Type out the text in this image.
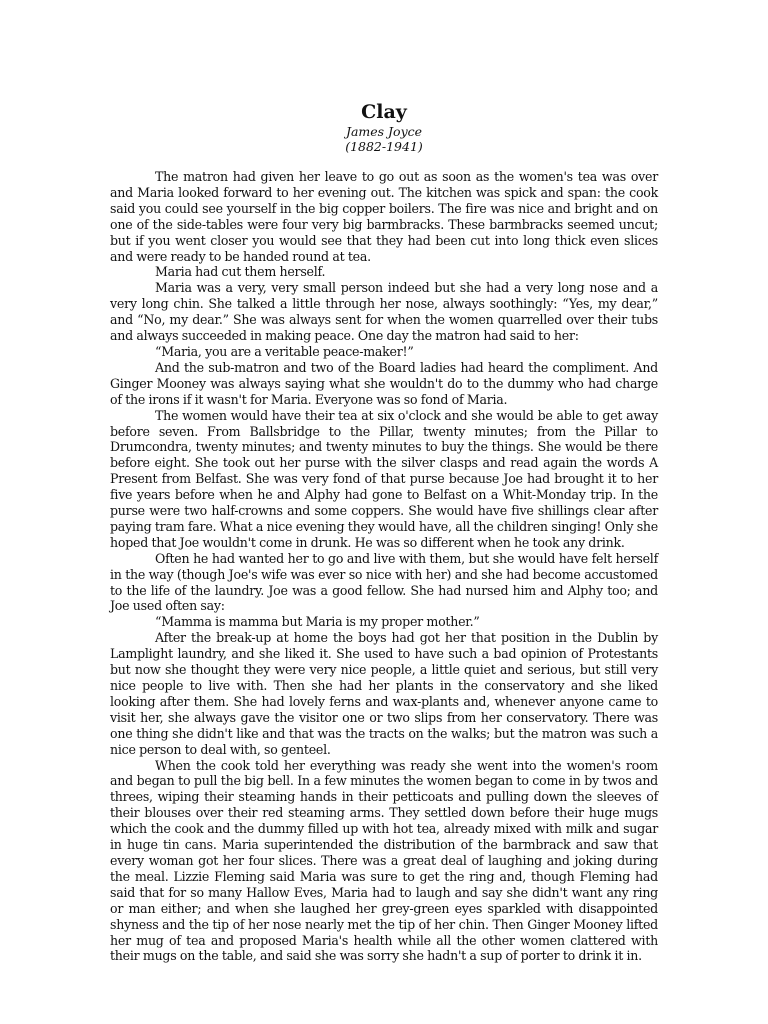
Clay
James Joyce
(1882-1941)

The matron had given her leave to go out as soon as the women's tea was over and Maria looked forward to her evening out. The kitchen was spick and span: the cook said you could see yourself in the big copper boilers. The fire was nice and bright and on one of the side-tables were four very big barmbracks. These barmbracks seemed uncut; but if you went closer you would see that they had been cut into long thick even slices and were ready to be handed round at tea.

Maria had cut them herself.

Maria was a very, very small person indeed but she had a very long nose and a very long chin. She talked a little through her nose, always soothingly: “Yes, my dear,” and “No, my dear.” She was always sent for when the women quarrelled over their tubs and always succeeded in making peace. One day the matron had said to her:

“Maria, you are a veritable peace-maker!”

And the sub-matron and two of the Board ladies had heard the compliment. And Ginger Mooney was always saying what she wouldn't do to the dummy who had charge of the irons if it wasn't for Maria. Everyone was so fond of Maria.

The women would have their tea at six o'clock and she would be able to get away before seven. From Ballsbridge to the Pillar, twenty minutes; from the Pillar to Drumcondra, twenty minutes; and twenty minutes to buy the things. She would be there before eight. She took out her purse with the silver clasps and read again the words A Present from Belfast. She was very fond of that purse because Joe had brought it to her five years before when he and Alphy had gone to Belfast on a Whit-Monday trip. In the purse were two half-crowns and some coppers. She would have five shillings clear after paying tram fare. What a nice evening they would have, all the children singing! Only she hoped that Joe wouldn't come in drunk. He was so different when he took any drink.

Often he had wanted her to go and live with them, but she would have felt herself in the way (though Joe's wife was ever so nice with her) and she had become accustomed to the life of the laundry. Joe was a good fellow. She had nursed him and Alphy too; and Joe used often say:

“Mamma is mamma but Maria is my proper mother.”

After the break-up at home the boys had got her that position in the Dublin by Lamplight laundry, and she liked it. She used to have such a bad opinion of Protestants but now she thought they were very nice people, a little quiet and serious, but still very nice people to live with. Then she had her plants in the conservatory and she liked looking after them. She had lovely ferns and wax-plants and, whenever anyone came to visit her, she always gave the visitor one or two slips from her conservatory. There was one thing she didn't like and that was the tracts on the walks; but the matron was such a nice person to deal with, so genteel.

When the cook told her everything was ready she went into the women's room and began to pull the big bell. In a few minutes the women began to come in by twos and threes, wiping their steaming hands in their petticoats and pulling down the sleeves of their blouses over their red steaming arms. They settled down before their huge mugs which the cook and the dummy filled up with hot tea, already mixed with milk and sugar in huge tin cans. Maria superintended the distribution of the barmbrack and saw that every woman got her four slices. There was a great deal of laughing and joking during the meal. Lizzie Fleming said Maria was sure to get the ring and, though Fleming had said that for so many Hallow Eves, Maria had to laugh and say she didn't want any ring or man either; and when she laughed her grey-green eyes sparkled with disappointed shyness and the tip of her nose nearly met the tip of her chin. Then Ginger Mooney lifted her mug of tea and proposed Maria's health while all the other women clattered with their mugs on the table, and said she was sorry she hadn't a sup of porter to drink it in.
